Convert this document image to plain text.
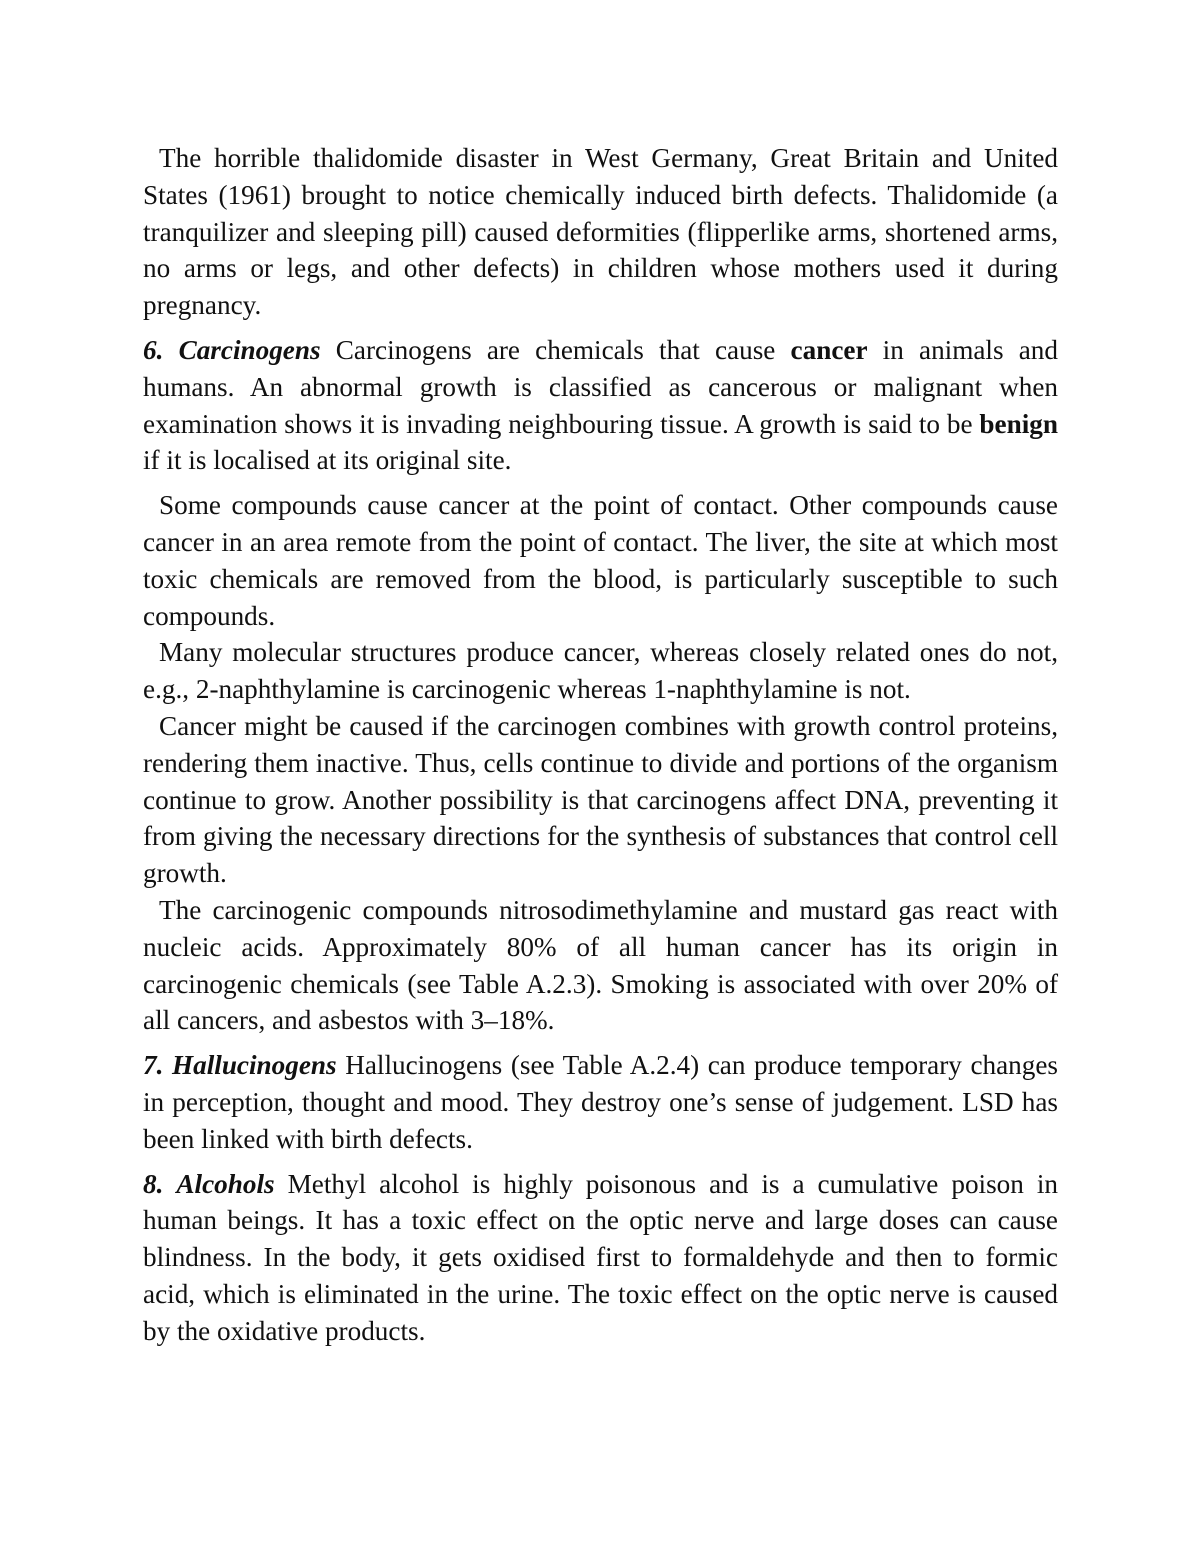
The horrible thalidomide disaster in West Germany, Great Britain and United States (1961) brought to notice chemically induced birth defects. Thalidomide (a tranquilizer and sleeping pill) caused deformities (flipperlike arms, shortened arms, no arms or legs, and other defects) in children whose mothers used it during pregnancy.

6. Carcinogens Carcinogens are chemicals that cause cancer in animals and humans. An abnormal growth is classified as cancerous or malignant when examination shows it is invading neighbouring tissue. A growth is said to be benign if it is localised at its original site.

Some compounds cause cancer at the point of contact. Other compounds cause cancer in an area remote from the point of contact. The liver, the site at which most toxic chemicals are removed from the blood, is particularly susceptible to such compounds.

Many molecular structures produce cancer, whereas closely related ones do not, e.g., 2-naphthylamine is carcinogenic whereas 1-naphthylamine is not.

Cancer might be caused if the carcinogen combines with growth control proteins, rendering them inactive. Thus, cells continue to divide and portions of the organism continue to grow. Another possibility is that carcinogens affect DNA, preventing it from giving the necessary directions for the synthesis of substances that control cell growth.

The carcinogenic compounds nitrosodimethylamine and mustard gas react with nucleic acids. Approximately 80% of all human cancer has its origin in carcinogenic chemicals (see Table A.2.3). Smoking is associated with over 20% of all cancers, and asbestos with 3–18%.

7. Hallucinogens Hallucinogens (see Table A.2.4) can produce temporary changes in perception, thought and mood. They destroy one’s sense of judgement. LSD has been linked with birth defects.

8. Alcohols Methyl alcohol is highly poisonous and is a cumulative poison in human beings. It has a toxic effect on the optic nerve and large doses can cause blindness. In the body, it gets oxidised first to formaldehyde and then to formic acid, which is eliminated in the urine. The toxic effect on the optic nerve is caused by the oxidative products.
